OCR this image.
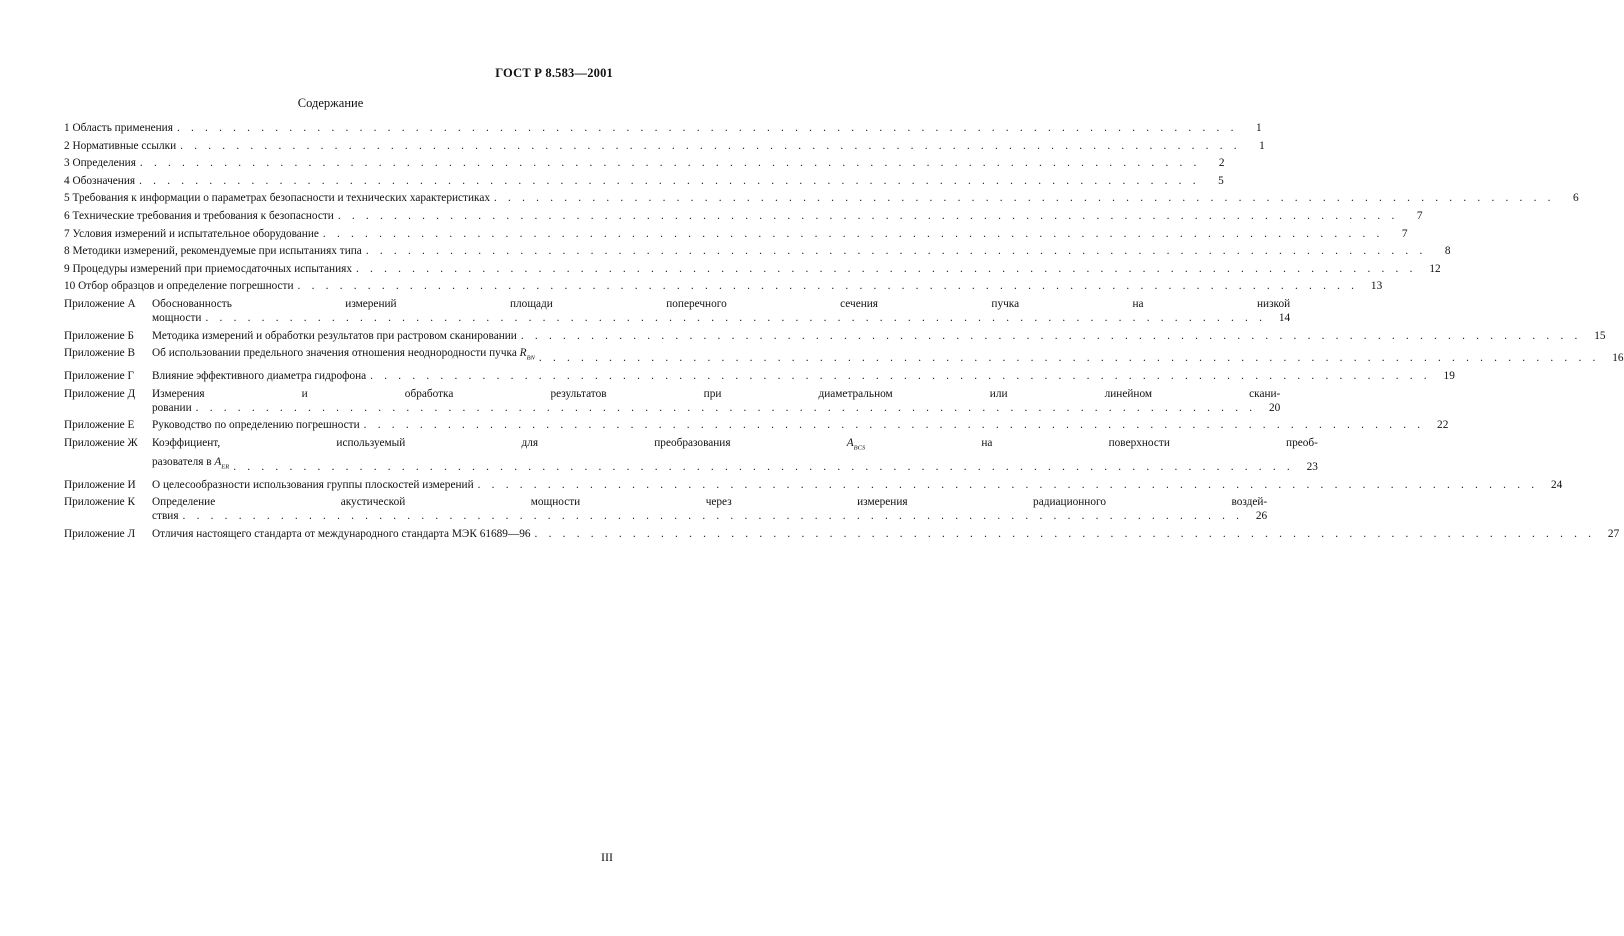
ГОСТ Р 8.583—2001
Содержание
1 Область применения . . .	1
2 Нормативные ссылки . . .	1
3 Определения . . .	2
4 Обозначения . . .	5
5 Требования к информации о параметрах безопасности и технических характеристиках . . .	6
6 Технические требования и требования к безопасности . . .	7
7 Условия измерений и испытательное оборудование . . .	7
8 Методики измерений, рекомендуемые при испытаниях типа . . .	8
9 Процедуры измерений при приемосдаточных испытаниях . . .	12
10 Отбор образцов и определение погрешности . . .	13
Приложение А	Обоснованность измерений площади поперечного сечения пучка на низкой
мощности . . .	14
Приложение Б	Методика измерений и обработки результатов при растровом сканировании . . .	15
Приложение В	Об использовании предельного значения отношения неоднородности пучка $R_{BN}$ . . .	16
Приложение Г	Влияние эффективного диаметра гидрофона . . .	19
Приложение Д	Измерения и обработка результатов при диаметральном или линейном скани-
ровании . . .	20
Приложение Е	Руководство по определению погрешности . . .	22
Приложение Ж	Коэффициент, используемый для преобразования $A_{BCS}$ на поверхности преоб-
разователя в $A_{ER}$ . . .	23
Приложение И	О целесообразности использования группы плоскостей измерений . . .	24
Приложение К	Определение акустической мощности через измерения радиационного воздей-
ствия . . .	26
Приложение Л	Отличия настоящего стандарта от международного стандарта МЭК 61689—96 . . .	27
III
